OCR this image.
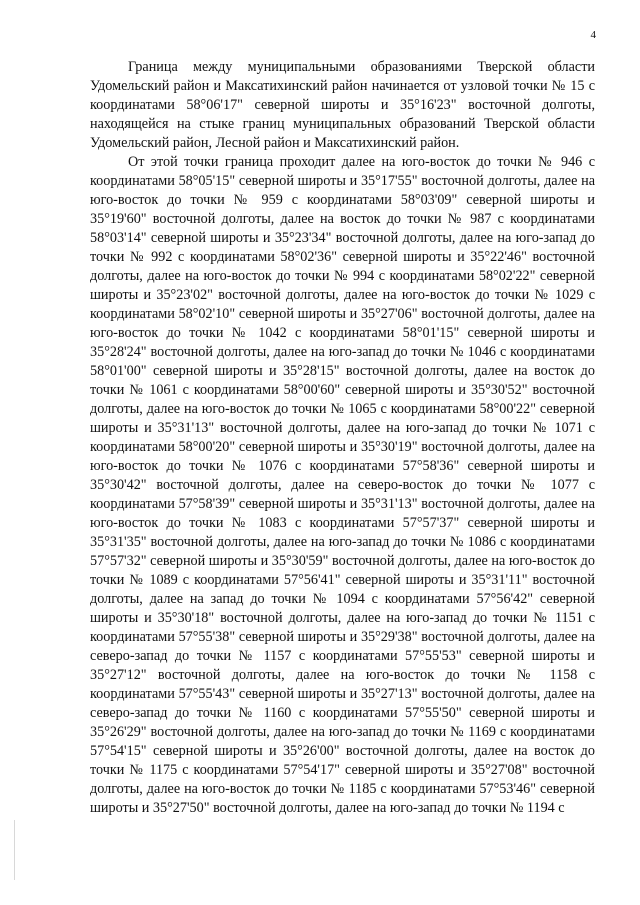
4

Граница между муниципальными образованиями Тверской области Удомельский район и Максатихинский район начинается от узловой точки № 15 с координатами 58°06'17" северной широты и 35°16'23" восточной долготы, находящейся на стыке границ муниципальных образований Тверской области Удомельский район, Лесной район и Максатихинский район.

От этой точки граница проходит далее на юго-восток до точки № 946 с координатами 58°05'15" северной широты и 35°17'55" восточной долготы, далее на юго-восток до точки № 959 с координатами 58°03'09" северной широты и 35°19'60" восточной долготы, далее на восток до точки № 987 с координатами 58°03'14" северной широты и 35°23'34" восточной долготы, далее на юго-запад до точки № 992 с координатами 58°02'36" северной широты и 35°22'46" восточной долготы, далее на юго-восток до точки № 994 с координатами 58°02'22" северной широты и 35°23'02" восточной долготы, далее на юго-восток до точки № 1029 с координатами 58°02'10" северной широты и 35°27'06" восточной долготы, далее на юго-восток до точки № 1042 с координатами 58°01'15" северной широты и 35°28'24" восточной долготы, далее на юго-запад до точки № 1046 с координатами 58°01'00" северной широты и 35°28'15" восточной долготы, далее на восток до точки № 1061 с координатами 58°00'60" северной широты и 35°30'52" восточной долготы, далее на юго-восток до точки № 1065 с координатами 58°00'22" северной широты и 35°31'13" восточной долготы, далее на юго-запад до точки № 1071 с координатами 58°00'20" северной широты и 35°30'19" восточной долготы, далее на юго-восток до точки № 1076 с координатами 57°58'36" северной широты и 35°30'42" восточной долготы, далее на северо-восток до точки № 1077 с координатами 57°58'39" северной широты и 35°31'13" восточной долготы, далее на юго-восток до точки № 1083 с координатами 57°57'37" северной широты и 35°31'35" восточной долготы, далее на юго-запад до точки № 1086 с координатами 57°57'32" северной широты и 35°30'59" восточной долготы, далее на юго-восток до точки № 1089 с координатами 57°56'41" северной широты и 35°31'11" восточной долготы, далее на запад до точки № 1094 с координатами 57°56'42" северной широты и 35°30'18" восточной долготы, далее на юго-запад до точки № 1151 с координатами 57°55'38" северной широты и 35°29'38" восточной долготы, далее на северо-запад до точки № 1157 с координатами 57°55'53" северной широты и 35°27'12" восточной долготы, далее на юго-восток до точки № 1158 с координатами 57°55'43" северной широты и 35°27'13" восточной долготы, далее на северо-запад до точки № 1160 с координатами 57°55'50" северной широты и 35°26'29" восточной долготы, далее на юго-запад до точки № 1169 с координатами 57°54'15" северной широты и 35°26'00" восточной долготы, далее на восток до точки № 1175 с координатами 57°54'17" северной широты и 35°27'08" восточной долготы, далее на юго-восток до точки № 1185 с координатами 57°53'46" северной широты и 35°27'50" восточной долготы, далее на юго-запад до точки № 1194 с
